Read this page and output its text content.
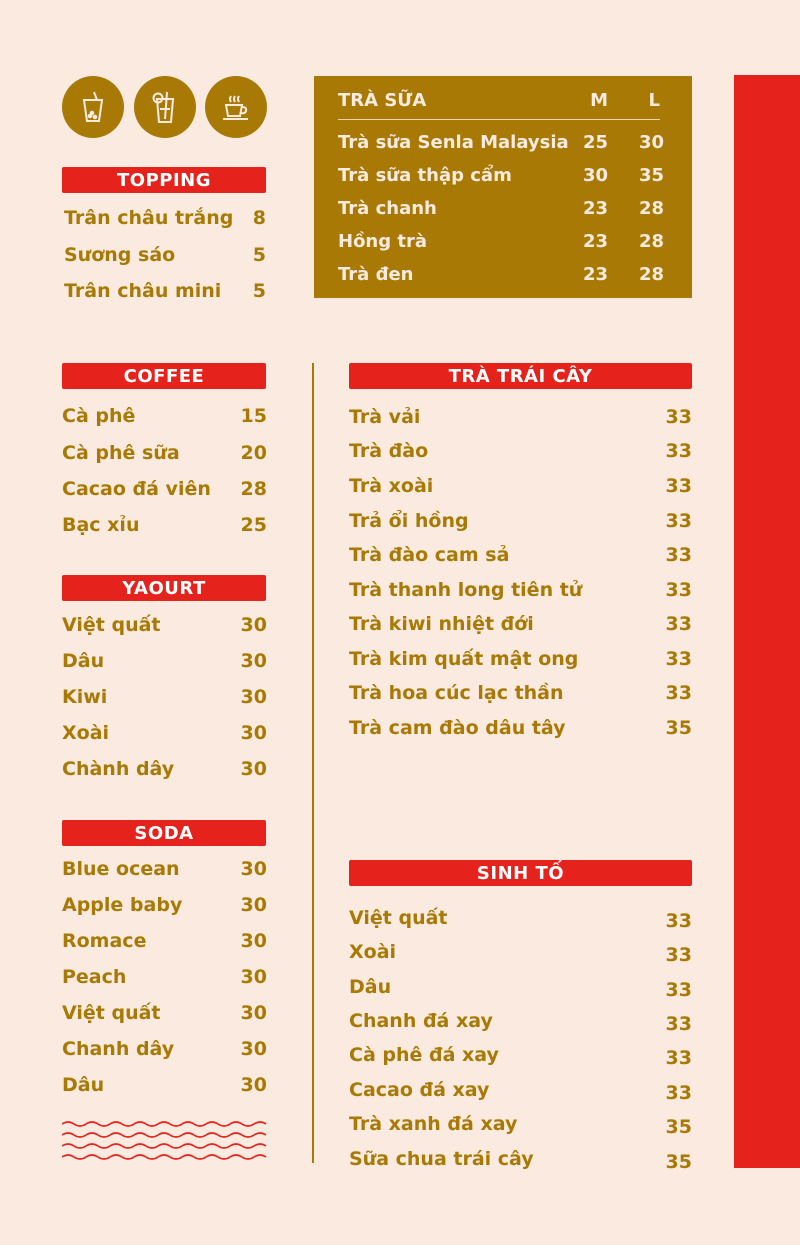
TRÀ SỮA	M	L
Trà sữa Senla Malaysia 25 30
Trà sữa thập cẩm	30 35
Trà chanh	23 28
Hồng trà	23 28
Trà đen	23 28
TOPPING
Trân châu trắng 8
Sương sáo	5
Trân châu mini 5
COFFEE
Cà phê	15
Cà phê sữa	20
Cacao đá viên 28
Bạc xỉu	25
YAOURT
Việt quất	30
Dâu	30
Kiwi	30
Xoài	30
Chành dây	30
SODA
Blue ocean	30
Apple baby	30
Romace	30
Peach	30
Việt quất	30
Chanh dây	30
Dâu	30
TRÀ TRÁI CÂY
Trà vải	33
Trà đào	33
Trà xoài	33
Trả ổi hồng	33
Trà đào cam sả	33
Trà thanh long tiên tử	33
Trà kiwi nhiệt đới	33
Trà kim quất mật ong	33
Trà hoa cúc lạc thần	33
Trà cam đào dâu tây	35
SINH TỐ
Việt quất	33
Xoài	33
Dâu	33
Chanh đá xay	33
Cà phê đá xay	33
Cacao đá xay	33
Trà xanh đá xay	35
Sữa chua trái cây	35
